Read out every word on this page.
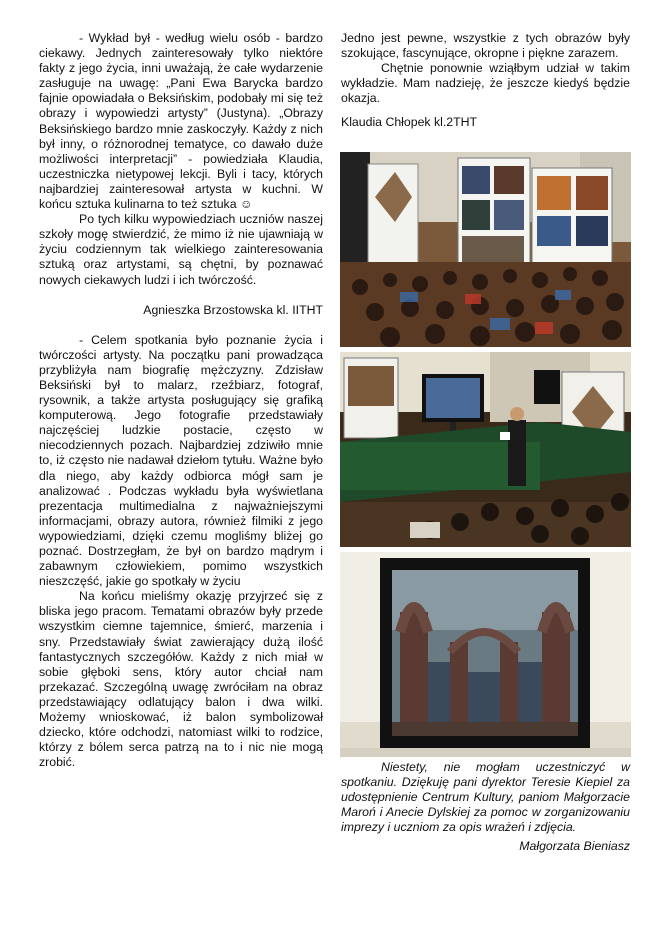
- Wykład był - według wielu osób - bardzo ciekawy. Jednych zainteresowały tylko niektóre fakty z jego życia, inni uważają, że całe wydarzenie zasługuje na uwagę: „Pani Ewa Barycka bardzo fajnie opowiadała o Beksińskim, podobały mi się też obrazy i wypowiedzi artysty” (Justyna). „Obrazy Beksińskiego bardzo mnie zaskoczyły. Każdy z nich był inny, o różnorodnej tematyce, co dawało duże możliwości interpretacji” - powiedziała Klaudia, uczestniczka nietypowej lekcji. Byli i tacy, których najbardziej zainteresował artysta w kuchni. W końcu sztuka kulinarna to też sztuka ☺

Po tych kilku wypowiedziach uczniów naszej szkoły mogę stwierdzić, że mimo iż nie ujawniają w życiu codziennym tak wielkiego zainteresowania sztuką oraz artystami, są chętni, by poznawać nowych ciekawych ludzi i ich twórczość.

Agnieszka Brzostowska kl. IITHT

- Celem spotkania było poznanie życia i twórczości artysty. Na początku pani prowadząca przybliżyła nam biografię mężczyzny. Zdzisław Beksiński był to malarz, rzeźbiarz, fotograf, rysownik, a także artysta posługujący się grafiką komputerową. Jego fotografie przedstawiały najczęściej ludzkie postacie, często w niecodziennych pozach. Najbardziej zdziwiło mnie to, iż często nie nadawał dziełom tytułu. Ważne było dla niego, aby każdy odbiorca mógł sam je analizować . Podczas wykładu była wyświetlana prezentacja multimedialna z najważniejszymi informacjami, obrazy autora, również filmiki z jego wypowiedziami, dzięki czemu mogliśmy bliżej go poznać. Dostrzegłam, że był on bardzo mądrym i zabawnym człowiekiem, pomimo wszystkich nieszczęść, jakie go spotkały w życiu

Na końcu mieliśmy okazję przyjrzeć się z bliska jego pracom. Tematami obrazów były przede wszystkim ciemne tajemnice, śmierć, marzenia i sny. Przedstawiały świat zawierający dużą ilość fantastycznych szczegółów. Każdy z nich miał w sobie głęboki sens, który autor chciał nam przekazać. Szczególną uwagę zwróciłam na obraz przedstawiający odlatujący balon i dwa wilki. Możemy wnioskować, iż balon symbolizował dziecko, które odchodzi, natomiast wilki to rodzice, którzy z bólem serca patrzą na to i nic nie mogą zrobić.

Jedno jest pewne, wszystkie z tych obrazów były szokujące, fascynujące, okropne i piękne zarazem.

Chętnie ponownie wziąłbym udział w takim wykładzie. Mam nadzieję, że jeszcze kiedyś będzie okazja.

Klaudia Chłopek kl.2THT

Niestety, nie mogłam uczestniczyć w spotkaniu. Dziękuję pani dyrektor Teresie Kiepiel za udostępnienie Centrum Kultury, paniom Małgorzacie Maroń i Anecie Dylskiej za pomoc w zorganizowaniu imprezy i uczniom za opis wrażeń i zdjęcia.

Małgorzata Bieniasz
